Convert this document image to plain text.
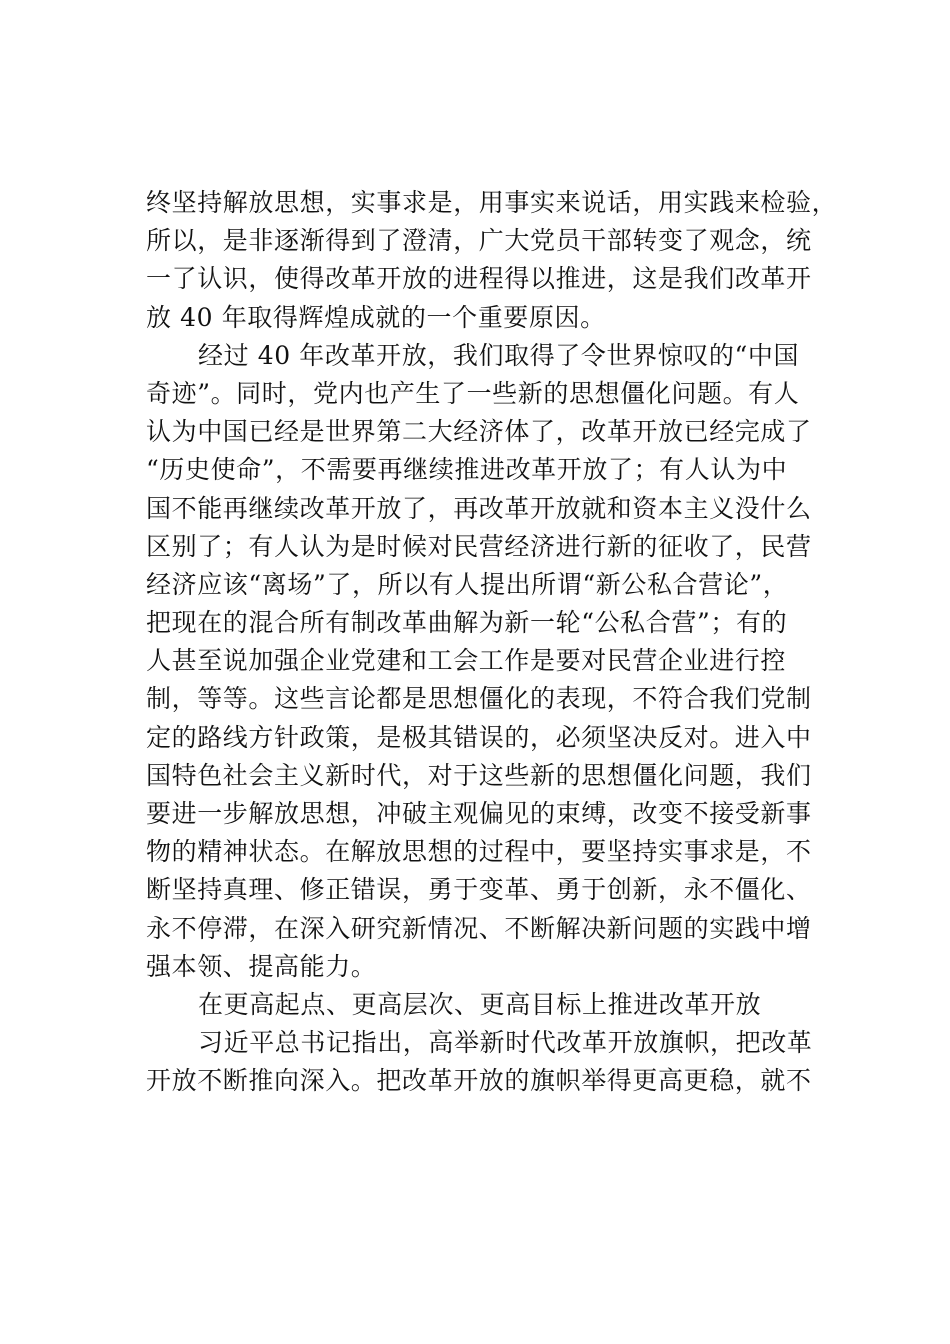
终坚持解放思想，实事求是，用事实来说话，用实践来检验，
所以，是非逐渐得到了澄清，广大党员干部转变了观念，统
一了认识，使得改革开放的进程得以推进，这是我们改革开
放 40 年取得辉煌成就的一个重要原因。
经过 40 年改革开放，我们取得了令世界惊叹的“中国
奇迹”。同时，党内也产生了一些新的思想僵化问题。有人
认为中国已经是世界第二大经济体了，改革开放已经完成了
“历史使命”，不需要再继续推进改革开放了；有人认为中
国不能再继续改革开放了，再改革开放就和资本主义没什么
区别了；有人认为是时候对民营经济进行新的征收了，民营
经济应该“离场”了，所以有人提出所谓“新公私合营论”，
把现在的混合所有制改革曲解为新一轮“公私合营”；有的
人甚至说加强企业党建和工会工作是要对民营企业进行控
制，等等。这些言论都是思想僵化的表现，不符合我们党制
定的路线方针政策，是极其错误的，必须坚决反对。进入中
国特色社会主义新时代，对于这些新的思想僵化问题，我们
要进一步解放思想，冲破主观偏见的束缚，改变不接受新事
物的精神状态。在解放思想的过程中，要坚持实事求是，不
断坚持真理、修正错误，勇于变革、勇于创新，永不僵化、
永不停滞，在深入研究新情况、不断解决新问题的实践中增
强本领、提高能力。
在更高起点、更高层次、更高目标上推进改革开放
习近平总书记指出，高举新时代改革开放旗帜，把改革
开放不断推向深入。把改革开放的旗帜举得更高更稳，就不
